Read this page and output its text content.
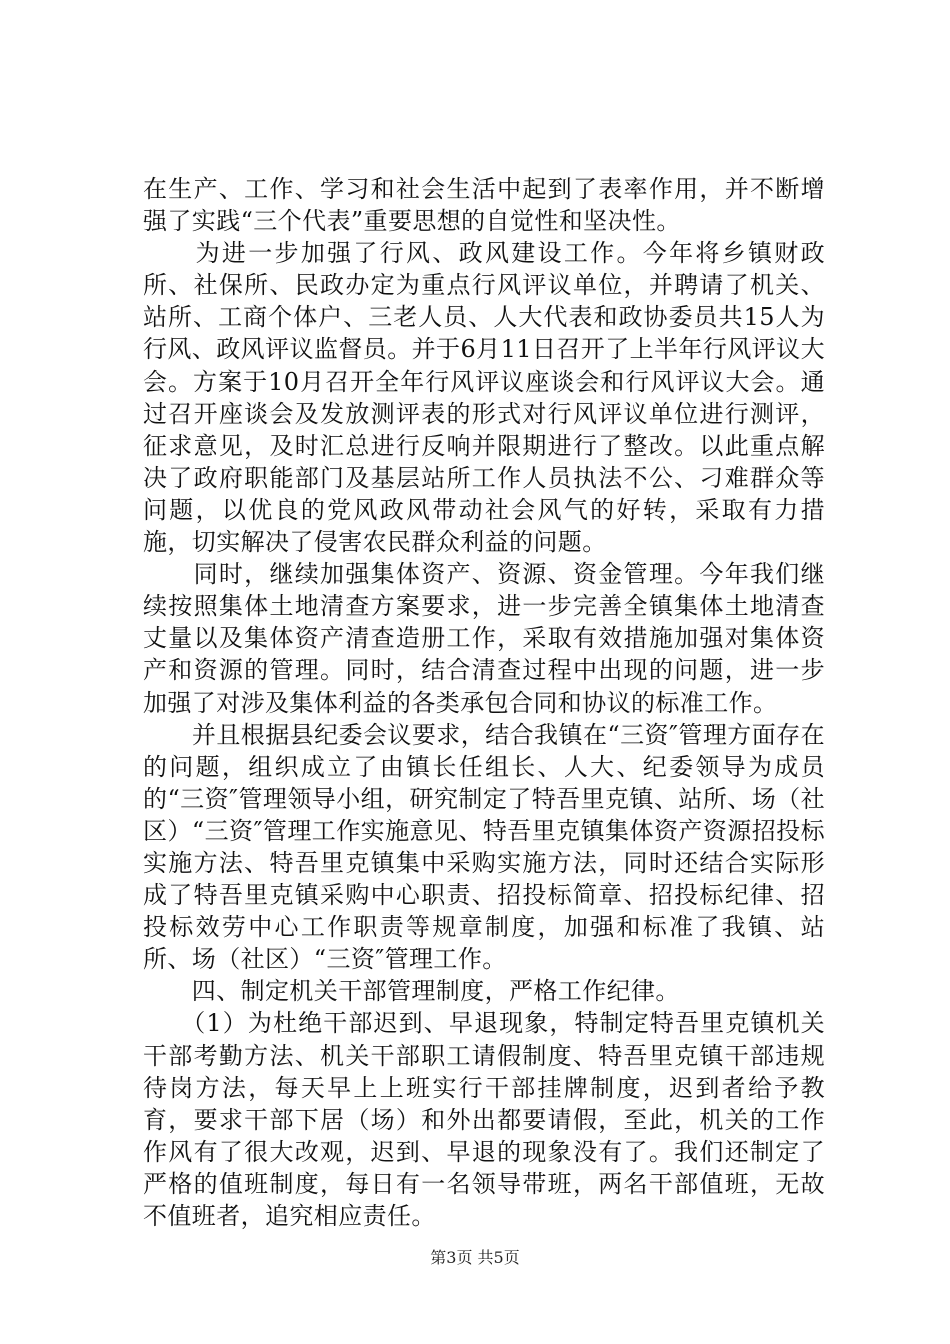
在生产、工作、学习和社会生活中起到了表率作用，并不断增强了实践“三个代表”重要思想的自觉性和坚决性。

　　为进一步加强了行风、政风建设工作。今年将乡镇财政所、社保所、民政办定为重点行风评议单位，并聘请了机关、站所、工商个体户、三老人员、人大代表和政协委员共15人为行风、政风评议监督员。并于6月11日召开了上半年行风评议大会。方案于10月召开全年行风评议座谈会和行风评议大会。通过召开座谈会及发放测评表的形式对行风评议单位进行测评，征求意见，及时汇总进行反响并限期进行了整改。以此重点解决了政府职能部门及基层站所工作人员执法不公、刁难群众等问题，以优良的党风政风带动社会风气的好转，采取有力措施，切实解决了侵害农民群众利益的问题。

　　同时，继续加强集体资产、资源、资金管理。今年我们继续按照集体土地清查方案要求，进一步完善全镇集体土地清查丈量以及集体资产清查造册工作，采取有效措施加强对集体资产和资源的管理。同时，结合清查过程中出现的问题，进一步加强了对涉及集体利益的各类承包合同和协议的标准工作。

　　并且根据县纪委会议要求，结合我镇在“三资″管理方面存在的问题，组织成立了由镇长任组长、人大、纪委领导为成员的“三资″管理领导小组，研究制定了特吾里克镇、站所、场（社区）“三资″管理工作实施意见、特吾里克镇集体资产资源招投标实施方法、特吾里克镇集中采购实施方法，同时还结合实际形成了特吾里克镇采购中心职责、招投标简章、招投标纪律、招投标效劳中心工作职责等规章制度，加强和标准了我镇、站所、场（社区）“三资″管理工作。

　　四、制定机关干部管理制度，严格工作纪律。

　　（1）为杜绝干部迟到、早退现象，特制定特吾里克镇机关干部考勤方法、机关干部职工请假制度、特吾里克镇干部违规待岗方法，每天早上上班实行干部挂牌制度，迟到者给予教育，要求干部下居（场）和外出都要请假，至此，机关的工作作风有了很大改观，迟到、早退的现象没有了。我们还制定了严格的值班制度，每日有一名领导带班，两名干部值班，无故不值班者，追究相应责任。

第3页 共5页
